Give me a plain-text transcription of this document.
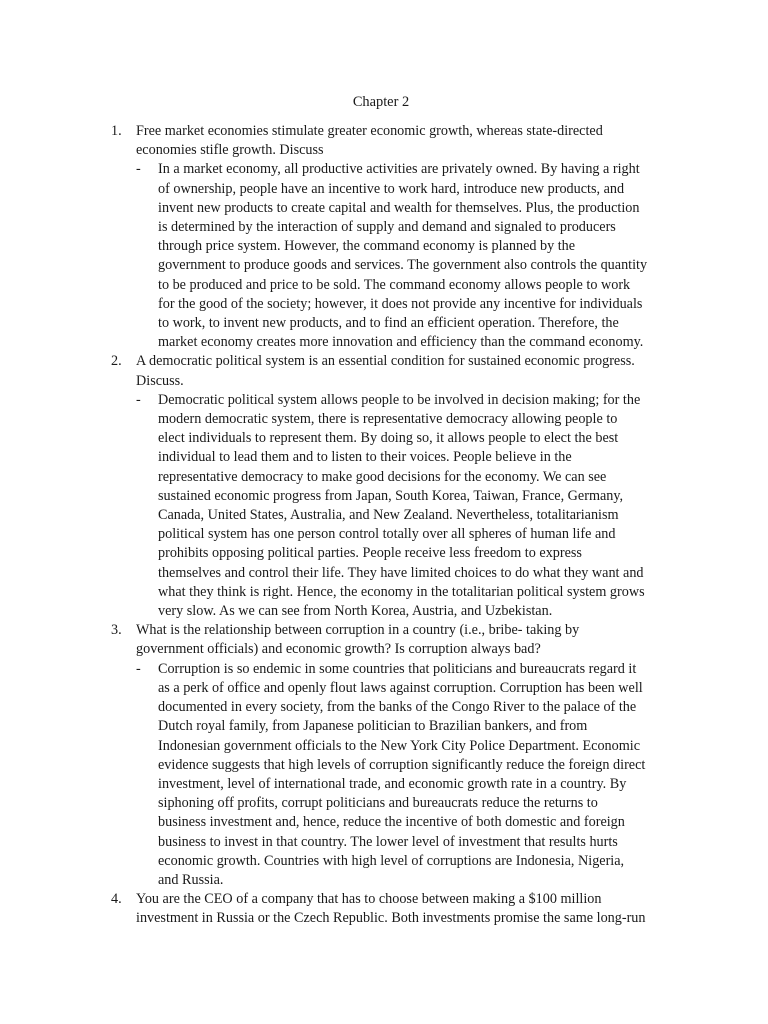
Chapter 2
1. Free market economies stimulate greater economic growth, whereas state-directed
economies stifle growth. Discuss
- In a market economy, all productive activities are privately owned. By having a right
of ownership, people have an incentive to work hard, introduce new products, and
invent new products to create capital and wealth for themselves. Plus, the production
is determined by the interaction of supply and demand and signaled to producers
through price system. However, the command economy is planned by the
government to produce goods and services. The government also controls the quantity
to be produced and price to be sold. The command economy allows people to work
for the good of the society; however, it does not provide any incentive for individuals
to work, to invent new products, and to find an efficient operation. Therefore, the
market economy creates more innovation and efficiency than the command economy.
2. A democratic political system is an essential condition for sustained economic progress.
Discuss.
- Democratic political system allows people to be involved in decision making; for the
modern democratic system, there is representative democracy allowing people to
elect individuals to represent them. By doing so, it allows people to elect the best
individual to lead them and to listen to their voices. People believe in the
representative democracy to make good decisions for the economy. We can see
sustained economic progress from Japan, South Korea, Taiwan, France, Germany,
Canada, United States, Australia, and New Zealand. Nevertheless, totalitarianism
political system has one person control totally over all spheres of human life and
prohibits opposing political parties. People receive less freedom to express
themselves and control their life. They have limited choices to do what they want and
what they think is right. Hence, the economy in the totalitarian political system grows
very slow. As we can see from North Korea, Austria, and Uzbekistan.
3. What is the relationship between corruption in a country (i.e., bribe- taking by
government officials) and economic growth? Is corruption always bad?
- Corruption is so endemic in some countries that politicians and bureaucrats regard it
as a perk of office and openly flout laws against corruption. Corruption has been well
documented in every society, from the banks of the Congo River to the palace of the
Dutch royal family, from Japanese politician to Brazilian bankers, and from
Indonesian government officials to the New York City Police Department. Economic
evidence suggests that high levels of corruption significantly reduce the foreign direct
investment, level of international trade, and economic growth rate in a country. By
siphoning off profits, corrupt politicians and bureaucrats reduce the returns to
business investment and, hence, reduce the incentive of both domestic and foreign
business to invest in that country. The lower level of investment that results hurts
economic growth. Countries with high level of corruptions are Indonesia, Nigeria,
and Russia.
4. You are the CEO of a company that has to choose between making a $100 million
investment in Russia or the Czech Republic. Both investments promise the same long-run
